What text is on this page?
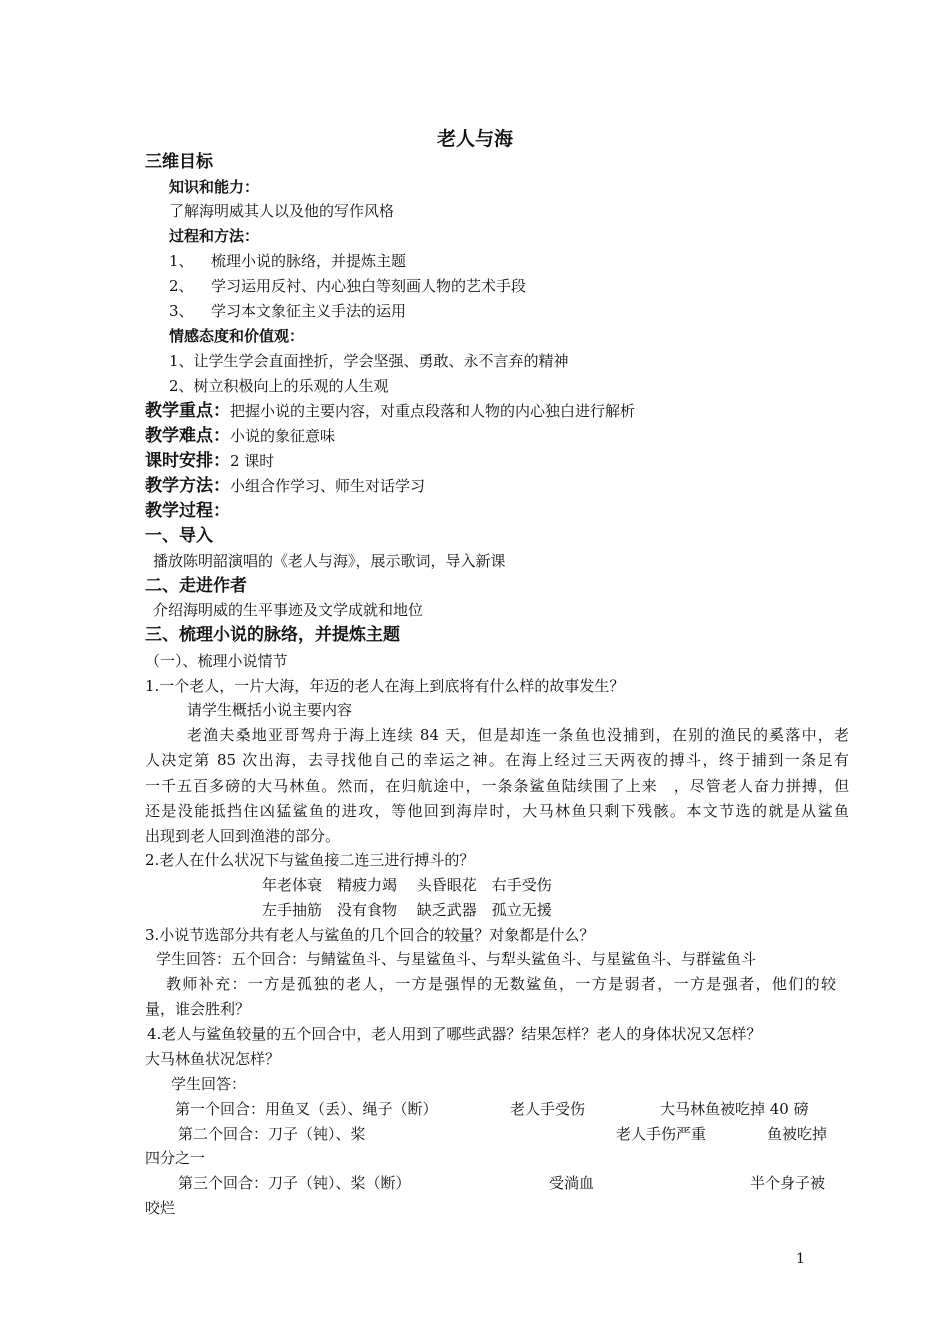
老人与海
三维目标
知识和能力：
了解海明威其人以及他的写作风格
过程和方法：
1、 梳理小说的脉络，并提炼主题
2、 学习运用反衬、内心独白等刻画人物的艺术手段
3、 学习本文象征主义手法的运用
情感态度和价值观：
1、让学生学会直面挫折，学会坚强、勇敢、永不言弃的精神
2、树立积极向上的乐观的人生观
教学重点：把握小说的主要内容，对重点段落和人物的内心独白进行解析
教学难点：小说的象征意味
课时安排：2 课时
教学方法：小组合作学习、师生对话学习
教学过程：
一、导入
播放陈明韶演唱的《老人与海》，展示歌词，导入新课
二、走进作者
介绍海明威的生平事迹及文学成就和地位
三、梳理小说的脉络，并提炼主题
（一）、梳理小说情节
1.一个老人，一片大海，年迈的老人在海上到底将有什么样的故事发生？
请学生概括小说主要内容
老渔夫桑地亚哥驾舟于海上连续 84 天，但是却连一条鱼也没捕到，在别的渔民的奚落中，老
人决定第 85 次出海，去寻找他自己的幸运之神。在海上经过三天两夜的搏斗，终于捕到一条足有
一千五百多磅的大马林鱼。然而，在归航途中，一条条鲨鱼陆续围了上来　，尽管老人奋力拼搏，但
还是没能抵挡住凶猛鲨鱼的进攻，等他回到海岸时，大马林鱼只剩下残骸。本文节选的就是从鲨鱼
出现到老人回到渔港的部分。
2.老人在什么状况下与鲨鱼接二连三进行搏斗的？
年老体衰　精疲力竭　 头昏眼花　右手受伤
左手抽筋　没有食物　 缺乏武器　孤立无援
3.小说节选部分共有老人与鲨鱼的几个回合的较量？对象都是什么？
学生回答：五个回合：与鲭鲨鱼斗、与星鲨鱼斗、与犁头鲨鱼斗、与星鲨鱼斗、与群鲨鱼斗
教师补充：一方是孤独的老人，一方是强悍的无数鲨鱼，一方是弱者，一方是强者，他们的较
量，谁会胜利？
4.老人与鲨鱼较量的五个回合中，老人用到了哪些武器？结果怎样？老人的身体状况又怎样？
大马林鱼状况怎样？
学生回答：
第一个回合：用鱼叉（丢）、绳子（断）	老人手受伤	大马林鱼被吃掉 40 磅
第二个回合：刀子（钝）、桨	老人手伤严重	鱼被吃掉
四分之一
第三个回合：刀子（钝）、桨（断）	受淌血	半个身子被
咬烂
1
